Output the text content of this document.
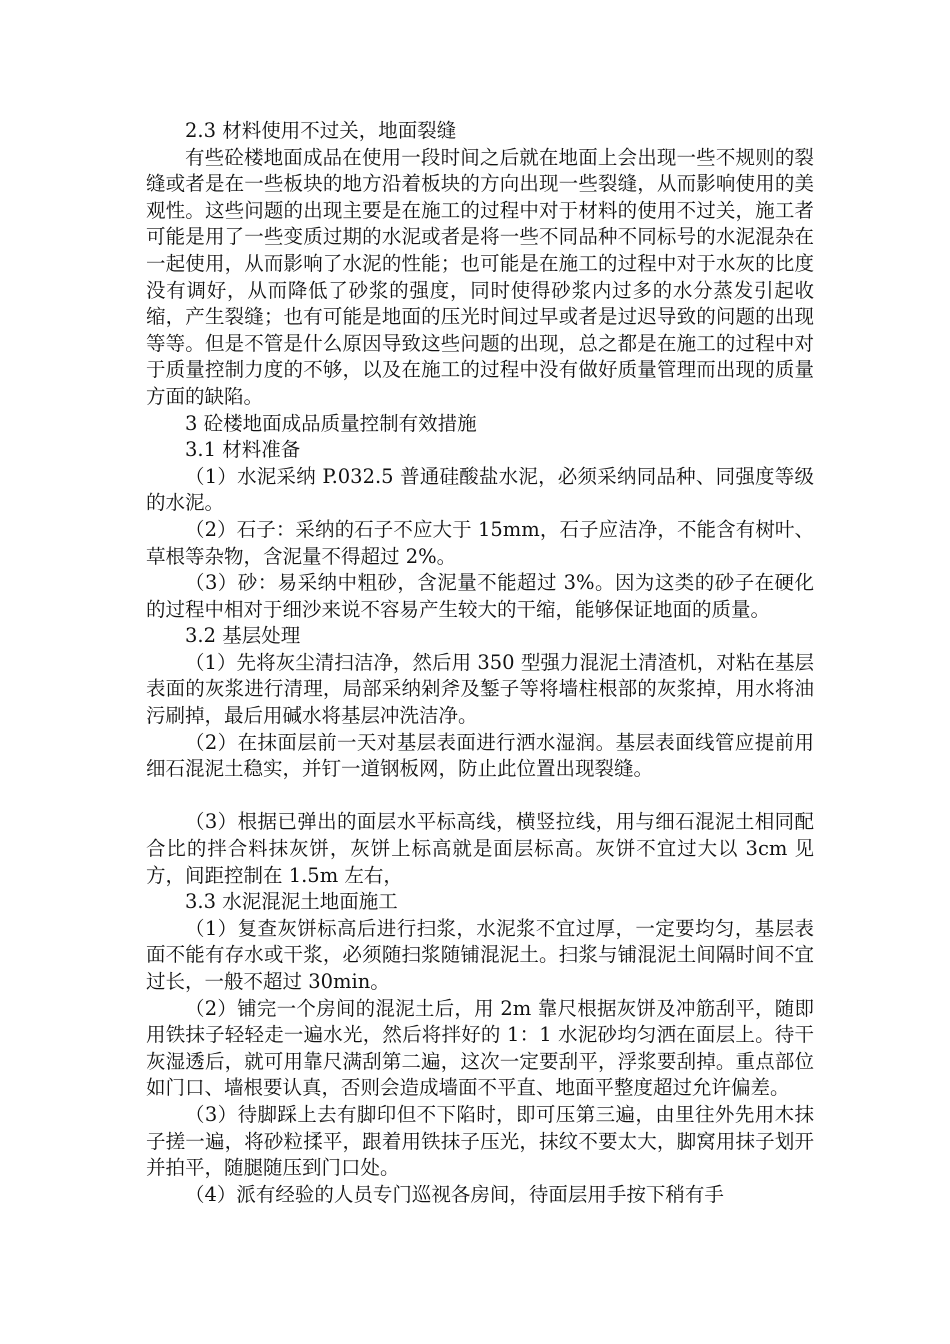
2.3 材料使用不过关，地面裂缝

有些砼楼地面成品在使用一段时间之后就在地面上会出现一些不规则的裂缝或者是在一些板块的地方沿着板块的方向出现一些裂缝，从而影响使用的美观性。这些问题的出现主要是在施工的过程中对于材料的使用不过关，施工者可能是用了一些变质过期的水泥或者是将一些不同品种不同标号的水泥混杂在一起使用，从而影响了水泥的性能；也可能是在施工的过程中对于水灰的比度没有调好，从而降低了砂浆的强度，同时使得砂浆内过多的水分蒸发引起收缩，产生裂缝；也有可能是地面的压光时间过早或者是过迟导致的问题的出现等等。但是不管是什么原因导致这些问题的出现，总之都是在施工的过程中对于质量控制力度的不够，以及在施工的过程中没有做好质量管理而出现的质量方面的缺陷。

3 砼楼地面成品质量控制有效措施

3.1 材料准备

（1）水泥采纳 P.032.5 普通硅酸盐水泥，必须采纳同品种、同强度等级的水泥。

（2）石子：采纳的石子不应大于 15mm，石子应洁净，不能含有树叶、草根等杂物，含泥量不得超过 2%。

（3）砂：易采纳中粗砂，含泥量不能超过 3%。因为这类的砂子在硬化的过程中相对于细沙来说不容易产生较大的干缩，能够保证地面的质量。

3.2 基层处理

（1）先将灰尘清扫洁净，然后用 350 型强力混泥土清渣机，对粘在基层表面的灰浆进行清理，局部采纳剁斧及錾子等将墙柱根部的灰浆掉，用水将油污刷掉，最后用碱水将基层冲洗洁净。

（2）在抹面层前一天对基层表面进行洒水湿润。基层表面线管应提前用细石混泥土稳实，并钉一道钢板网，防止此位置出现裂缝。

（3）根据已弹出的面层水平标高线，横竖拉线，用与细石混泥土相同配合比的拌合料抹灰饼，灰饼上标高就是面层标高。灰饼不宜过大以 3cm 见方，间距控制在 1.5m 左右，

3.3 水泥混泥土地面施工

（1）复查灰饼标高后进行扫浆，水泥浆不宜过厚，一定要均匀，基层表面不能有存水或干浆，必须随扫浆随铺混泥土。扫浆与铺混泥土间隔时间不宜过长，一般不超过 30min。

（2）铺完一个房间的混泥土后，用 2m 靠尺根据灰饼及冲筋刮平，随即用铁抹子轻轻走一遍水光，然后将拌好的 1：1 水泥砂均匀洒在面层上。待干灰湿透后，就可用靠尺满刮第二遍，这次一定要刮平，浮浆要刮掉。重点部位如门口、墙根要认真，否则会造成墙面不平直、地面平整度超过允许偏差。

（3）待脚踩上去有脚印但不下陷时，即可压第三遍，由里往外先用木抹子搓一遍，将砂粒揉平，跟着用铁抹子压光，抹纹不要太大，脚窝用抹子划开并拍平，随腿随压到门口处。

（4）派有经验的人员专门巡视各房间，待面层用手按下稍有手
